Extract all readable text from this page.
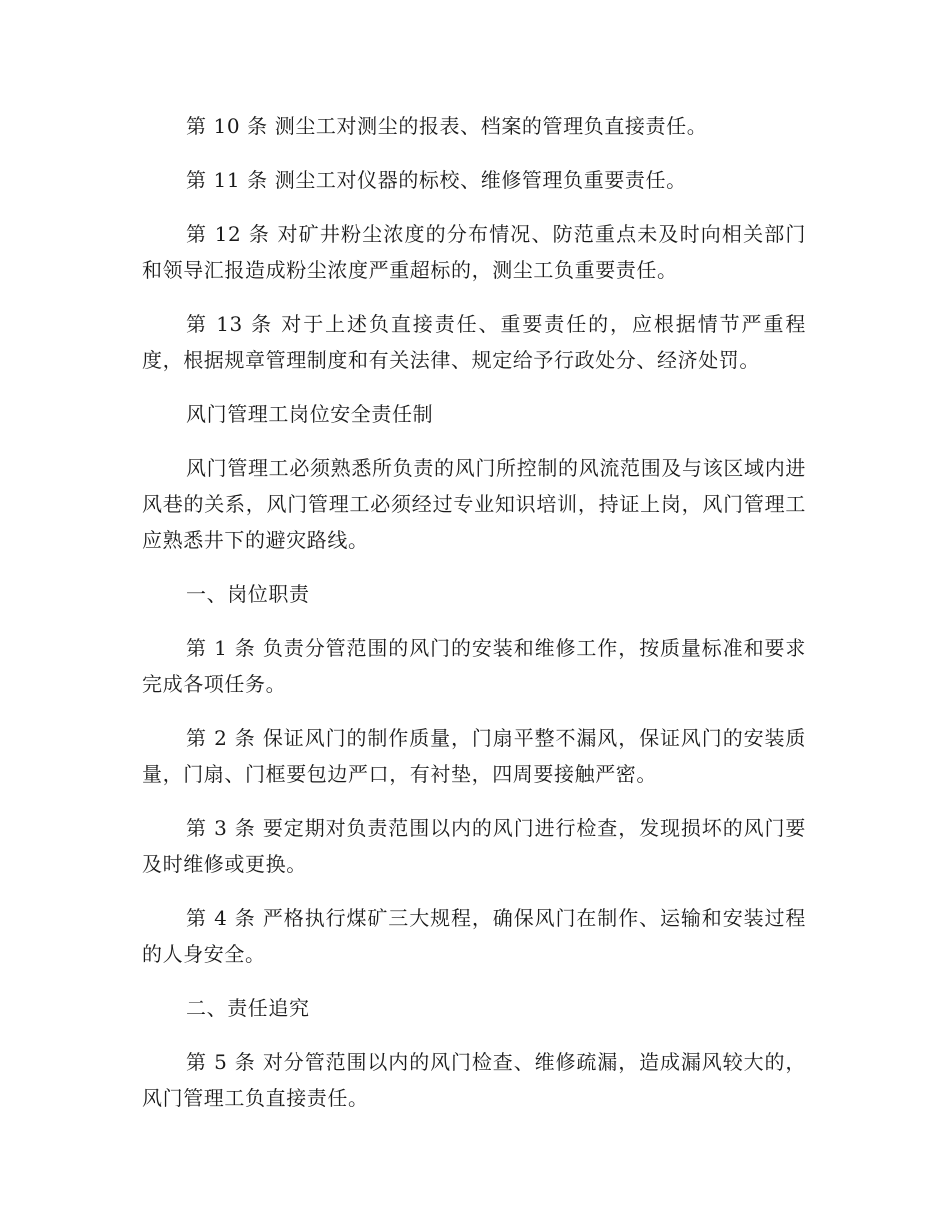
第 10 条 测尘工对测尘的报表、档案的管理负直接责任。

第 11 条 测尘工对仪器的标校、维修管理负重要责任。

第 12 条 对矿井粉尘浓度的分布情况、防范重点未及时向相关部门和领导汇报造成粉尘浓度严重超标的，测尘工负重要责任。

第 13 条 对于上述负直接责任、重要责任的，应根据情节严重程度，根据规章管理制度和有关法律、规定给予行政处分、经济处罚。

风门管理工岗位安全责任制

风门管理工必须熟悉所负责的风门所控制的风流范围及与该区域内进风巷的关系，风门管理工必须经过专业知识培训，持证上岗，风门管理工应熟悉井下的避灾路线。

一、岗位职责

第 1 条 负责分管范围的风门的安装和维修工作，按质量标准和要求完成各项任务。

第 2 条 保证风门的制作质量，门扇平整不漏风，保证风门的安装质量，门扇、门框要包边严口，有衬垫，四周要接触严密。

第 3 条 要定期对负责范围以内的风门进行检查，发现损坏的风门要及时维修或更换。

第 4 条 严格执行煤矿三大规程，确保风门在制作、运输和安装过程的人身安全。

二、责任追究

第 5 条 对分管范围以内的风门检查、维修疏漏，造成漏风较大的，风门管理工负直接责任。
